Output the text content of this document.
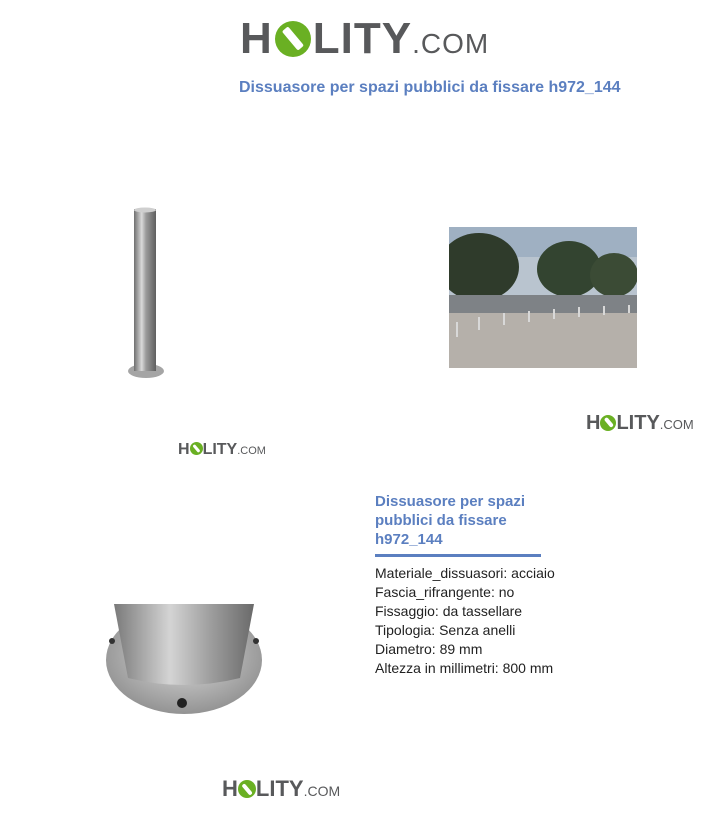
H LITY.COM
Dissuasore per spazi pubblici da fissare h972_144
H LITY.COM
H LITY.COM
H LITY.COM
Dissuasore per spazi
pubblici da fissare
h972_144
Materiale_dissuasori: acciaio
Fascia_rifrangente: no
Fissaggio: da tassellare
Tipologia: Senza anelli
Diametro: 89 mm
Altezza in millimetri: 800 mm
